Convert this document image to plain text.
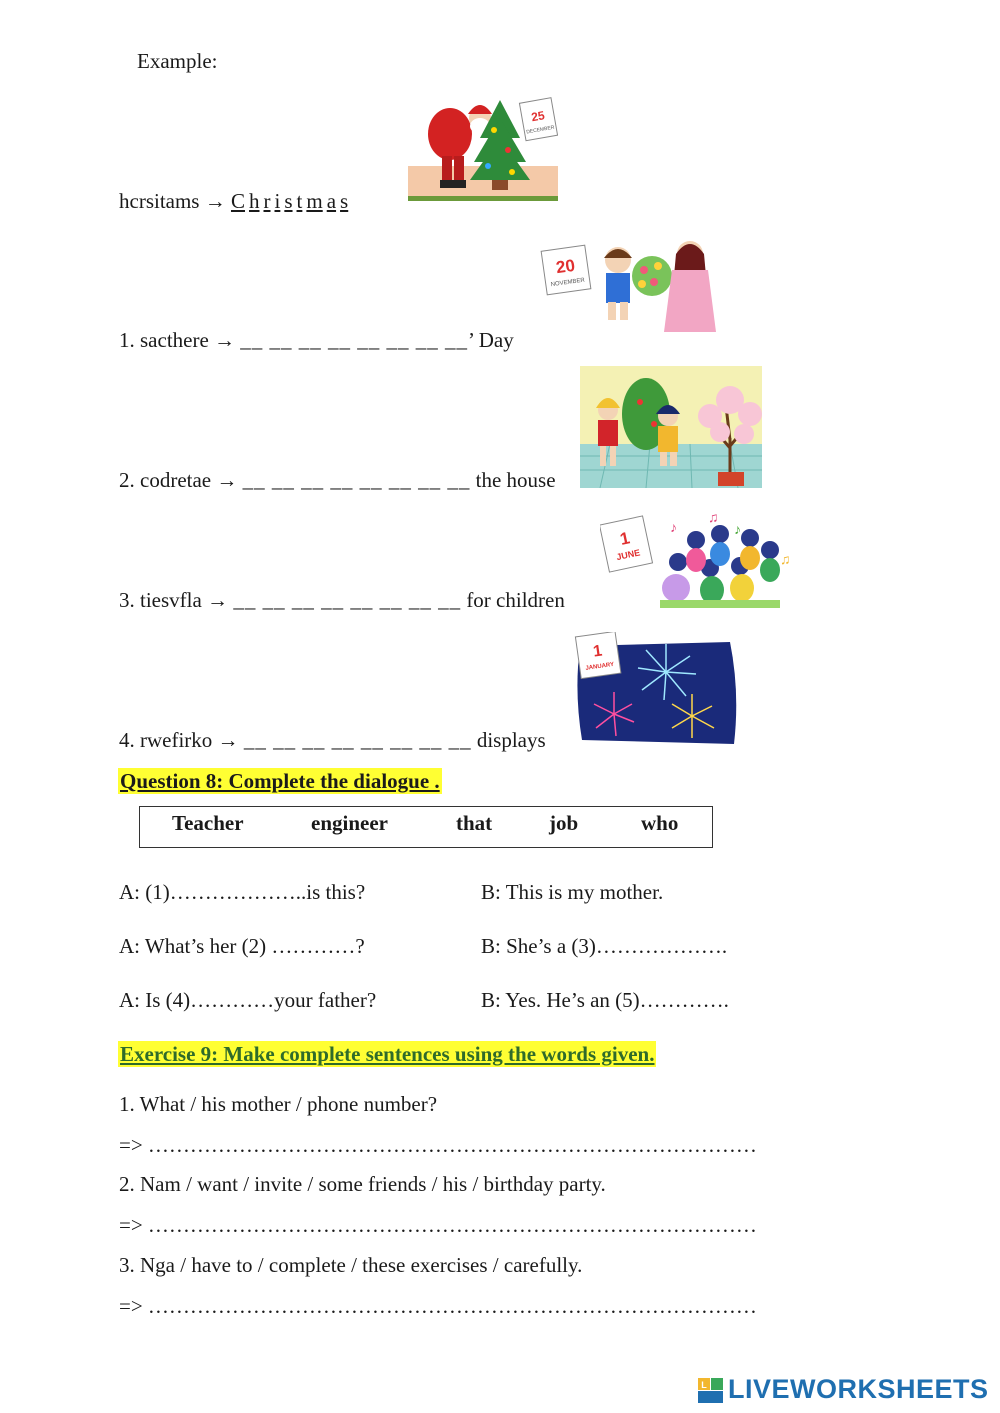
Example:
25
DECEMBER
hcrsitams → C h r i s t m a s
20
NOVEMBER
1. sacthere → __ __ __ __ __ __ __ __’ Day
2. codretae → __ __ __ __ __ __ __ __ the house
1
JUNE
♪
♫
♪
♫
3. tiesvfla → __ __ __ __ __ __ __ __ for children
1
JANUARY
4. rwefirko → __ __ __ __ __ __ __ __ displays
Question 8: Complete the dialogue .
Teacher	engineer	that	job	who
A: (1)………………..is this?	B: This is my mother.
A: What’s her (2) …………?	B: She’s a (3)……………….
A: Is (4)…………your father?	B: Yes. He’s an (5)………….
Exercise 9: Make complete sentences using the words given.
1. What / his mother / phone number?
=> ……………………………………………………………………………
2. Nam / want / invite / some friends / his / birthday party.
=> ……………………………………………………………………………
3. Nga / have to / complete / these exercises / carefully.
=> ……………………………………………………………………………
L LIVEWORKSHEETS
